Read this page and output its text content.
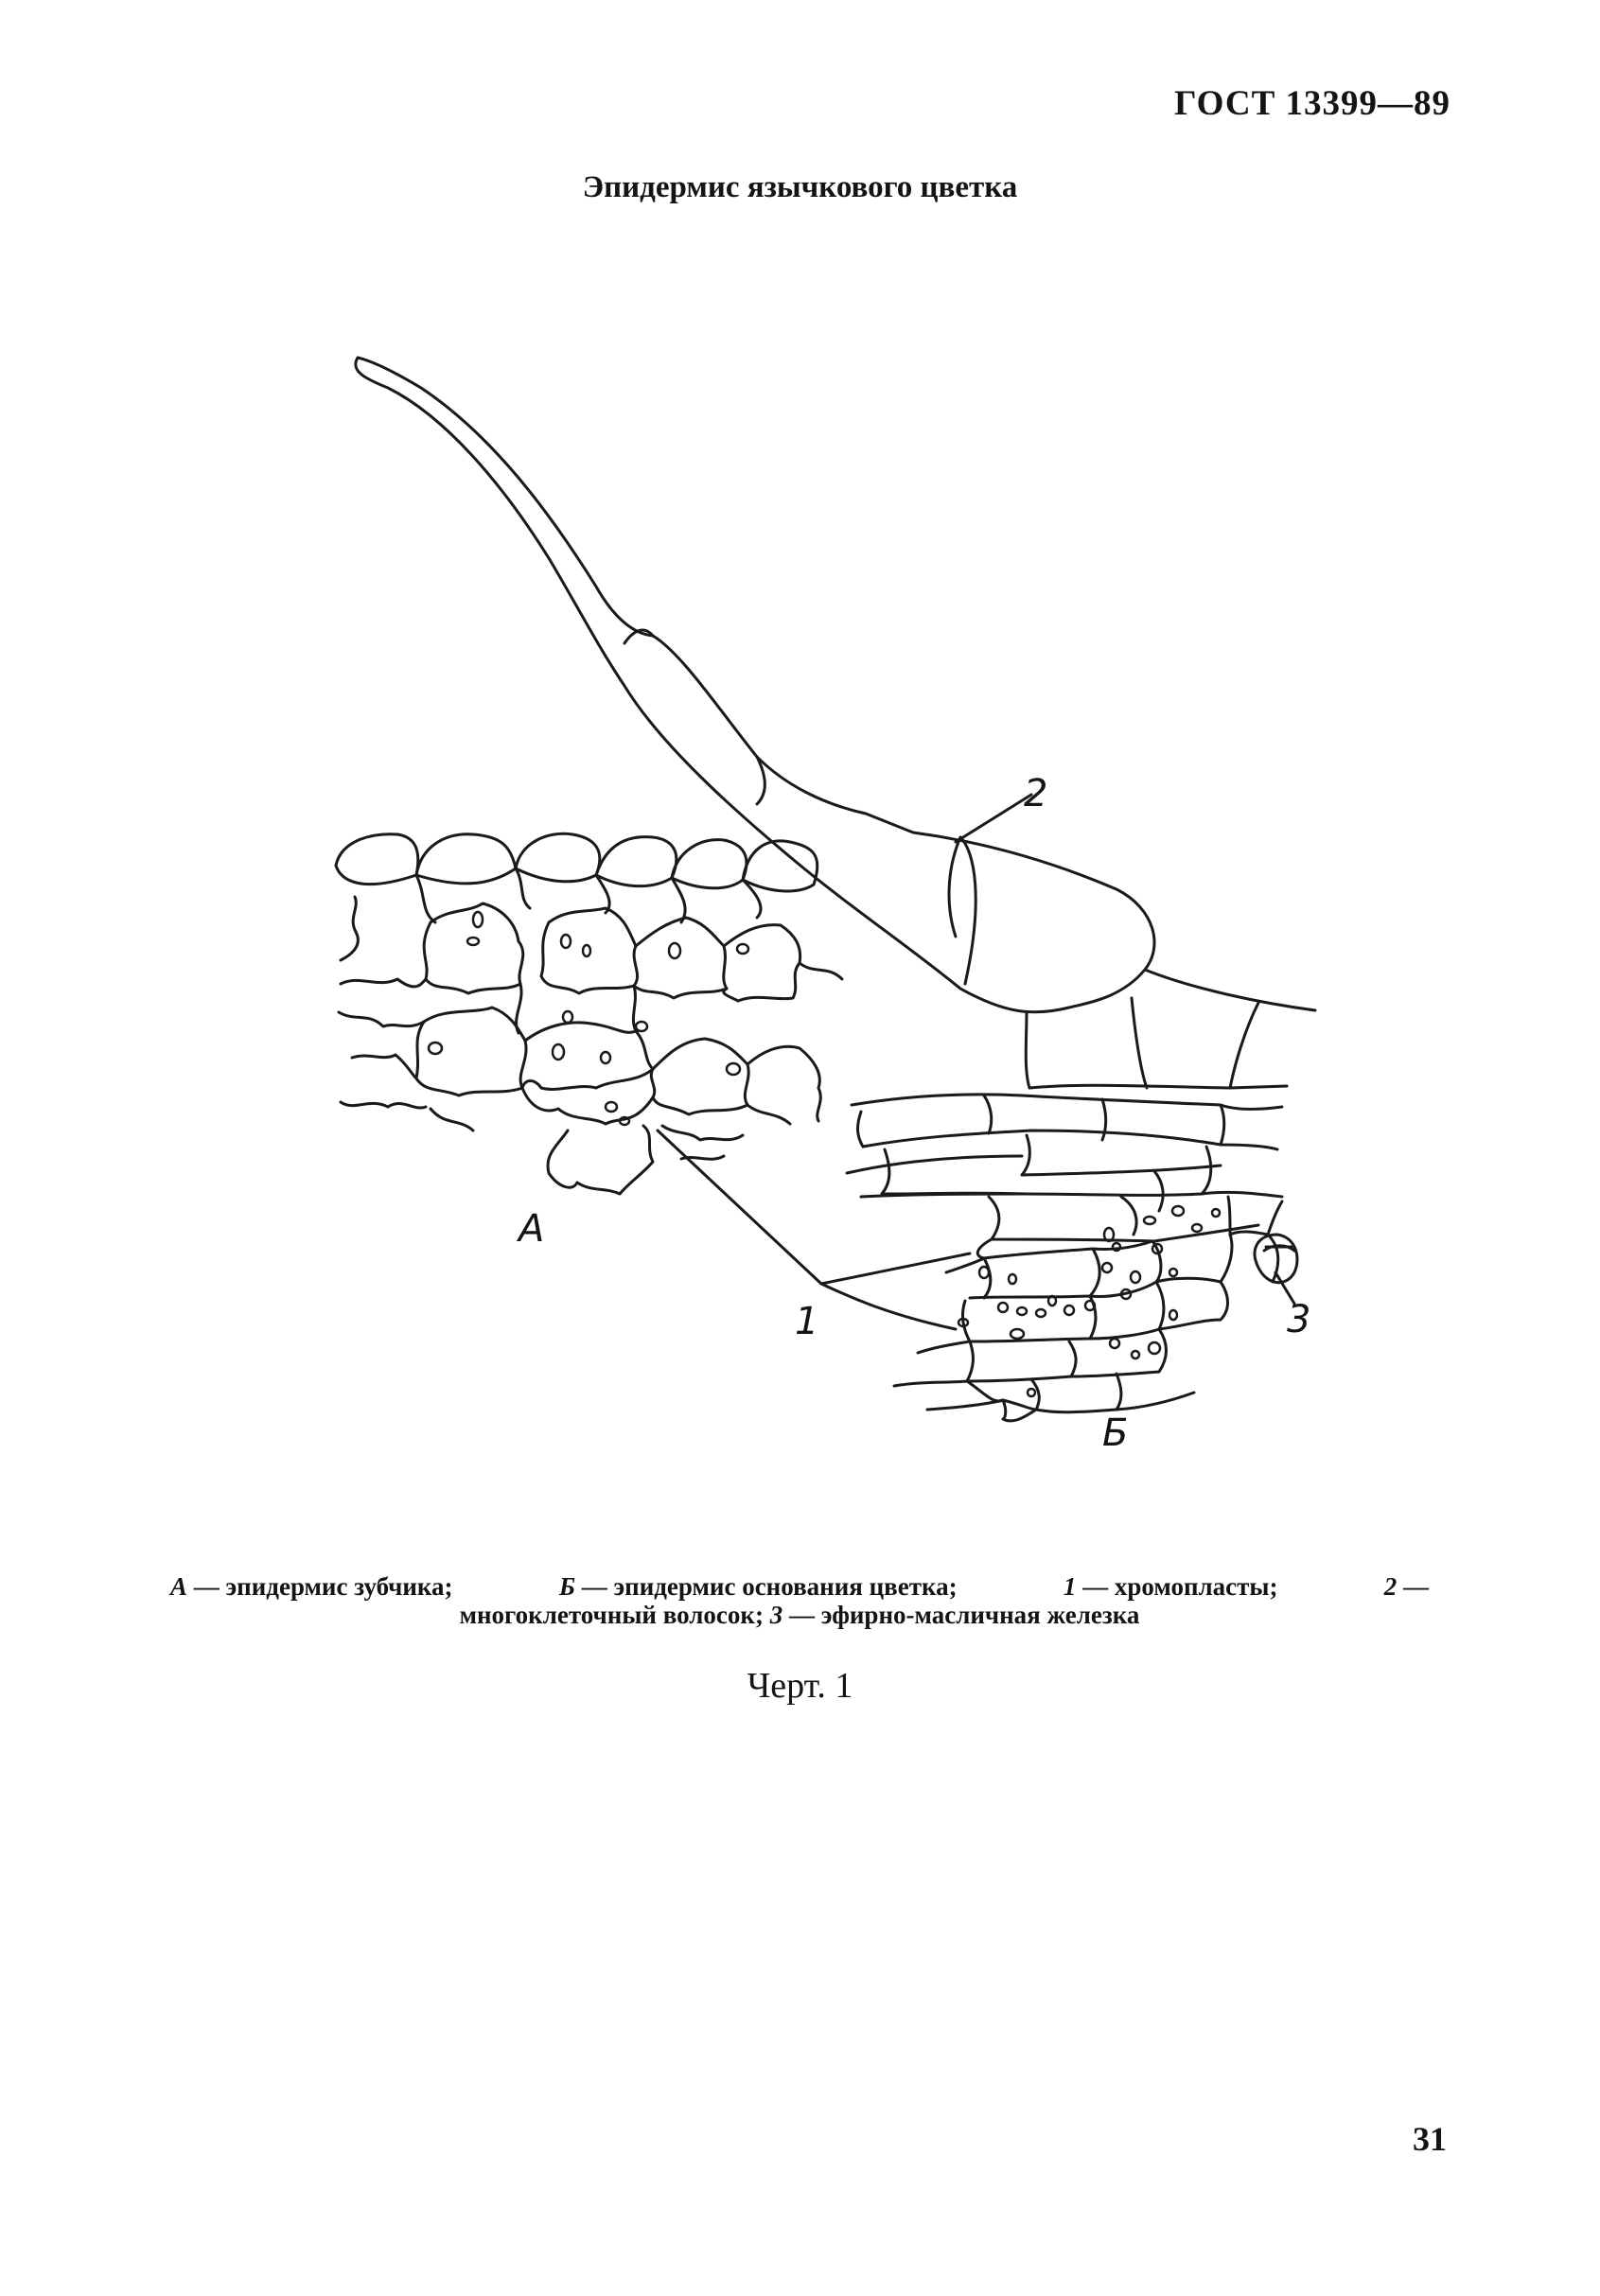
ГОСТ 13399—89
Эпидермис язычкового цветка
А
Б
1
2
3
А — эпидермис зубчика;	Б — эпидермис основания цветка;	1 — хромопласты;	2 —
многоклеточный волосок; 3 — эфирно-масличная железка
Черт. 1
31
